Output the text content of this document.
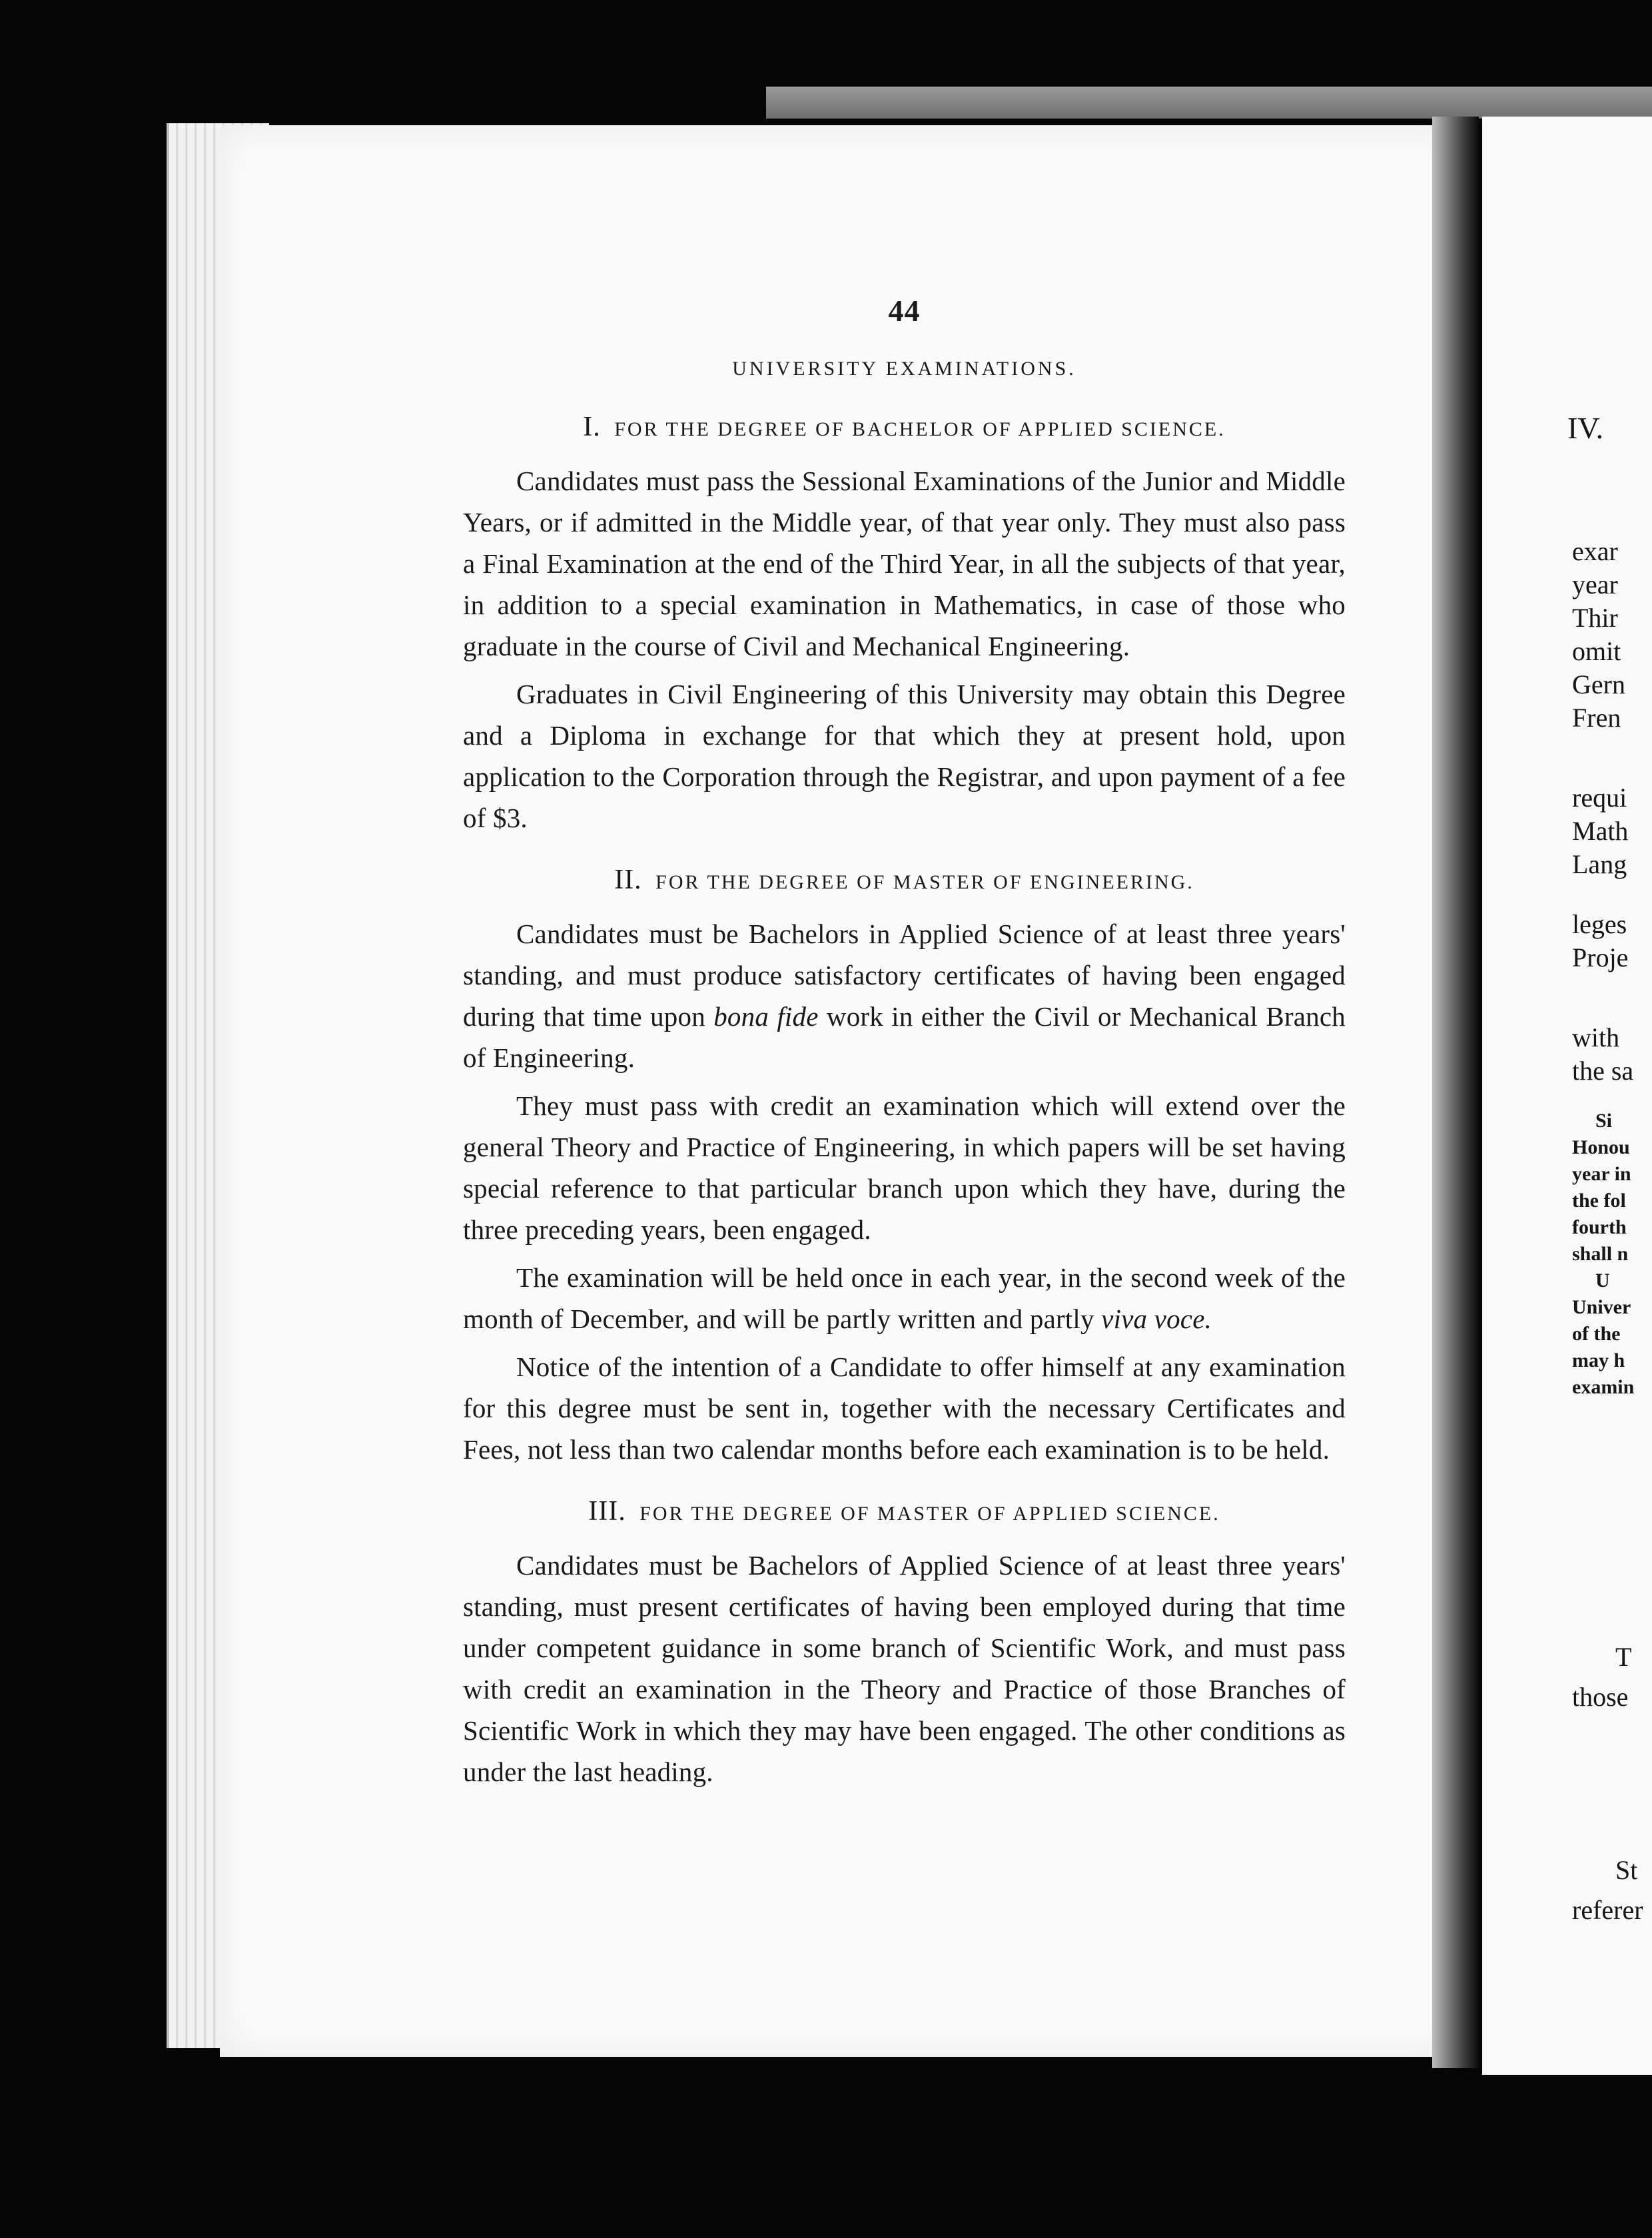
IV.
exar
year
Thir
omit
Gern
Fren
requi
Math
Lang
leges
Proje
with
the sa
Si
Honou
year in
the fol
fourth
shall n
U
Univer
of the
may h
examin
T
those
St
referer
44
UNIVERSITY EXAMINATIONS.
I. FOR THE DEGREE OF BACHELOR OF APPLIED SCIENCE.

Candidates must pass the Sessional Examinations of the Junior and Middle Years, or if admitted in the Middle year, of that year only. They must also pass a Final Examination at the end of the Third Year, in all the subjects of that year, in addition to a special examination in Mathematics, in case of those who graduate in the course of Civil and Mechanical Engineering.

Graduates in Civil Engineering of this University may obtain this Degree and a Diploma in exchange for that which they at present hold, upon application to the Corporation through the Registrar, and upon payment of a fee of $3.

II. FOR THE DEGREE OF MASTER OF ENGINEERING.

Candidates must be Bachelors in Applied Science of at least three years' standing, and must produce satisfactory certificates of having been engaged during that time upon bona fide work in either the Civil or Mechanical Branch of Engineering.

They must pass with credit an examination which will extend over the general Theory and Practice of Engineering, in which papers will be set having special reference to that particular branch upon which they have, during the three preceding years, been engaged.

The examination will be held once in each year, in the second week of the month of December, and will be partly written and partly viva voce.

Notice of the intention of a Candidate to offer himself at any examination for this degree must be sent in, together with the necessary Certificates and Fees, not less than two calendar months before each examination is to be held.

III. FOR THE DEGREE OF MASTER OF APPLIED SCIENCE.

Candidates must be Bachelors of Applied Science of at least three years' standing, must present certificates of having been employed during that time under competent guidance in some branch of Scientific Work, and must pass with credit an examination in the Theory and Practice of those Branches of Scientific Work in which they may have been engaged. The other conditions as under the last heading.
